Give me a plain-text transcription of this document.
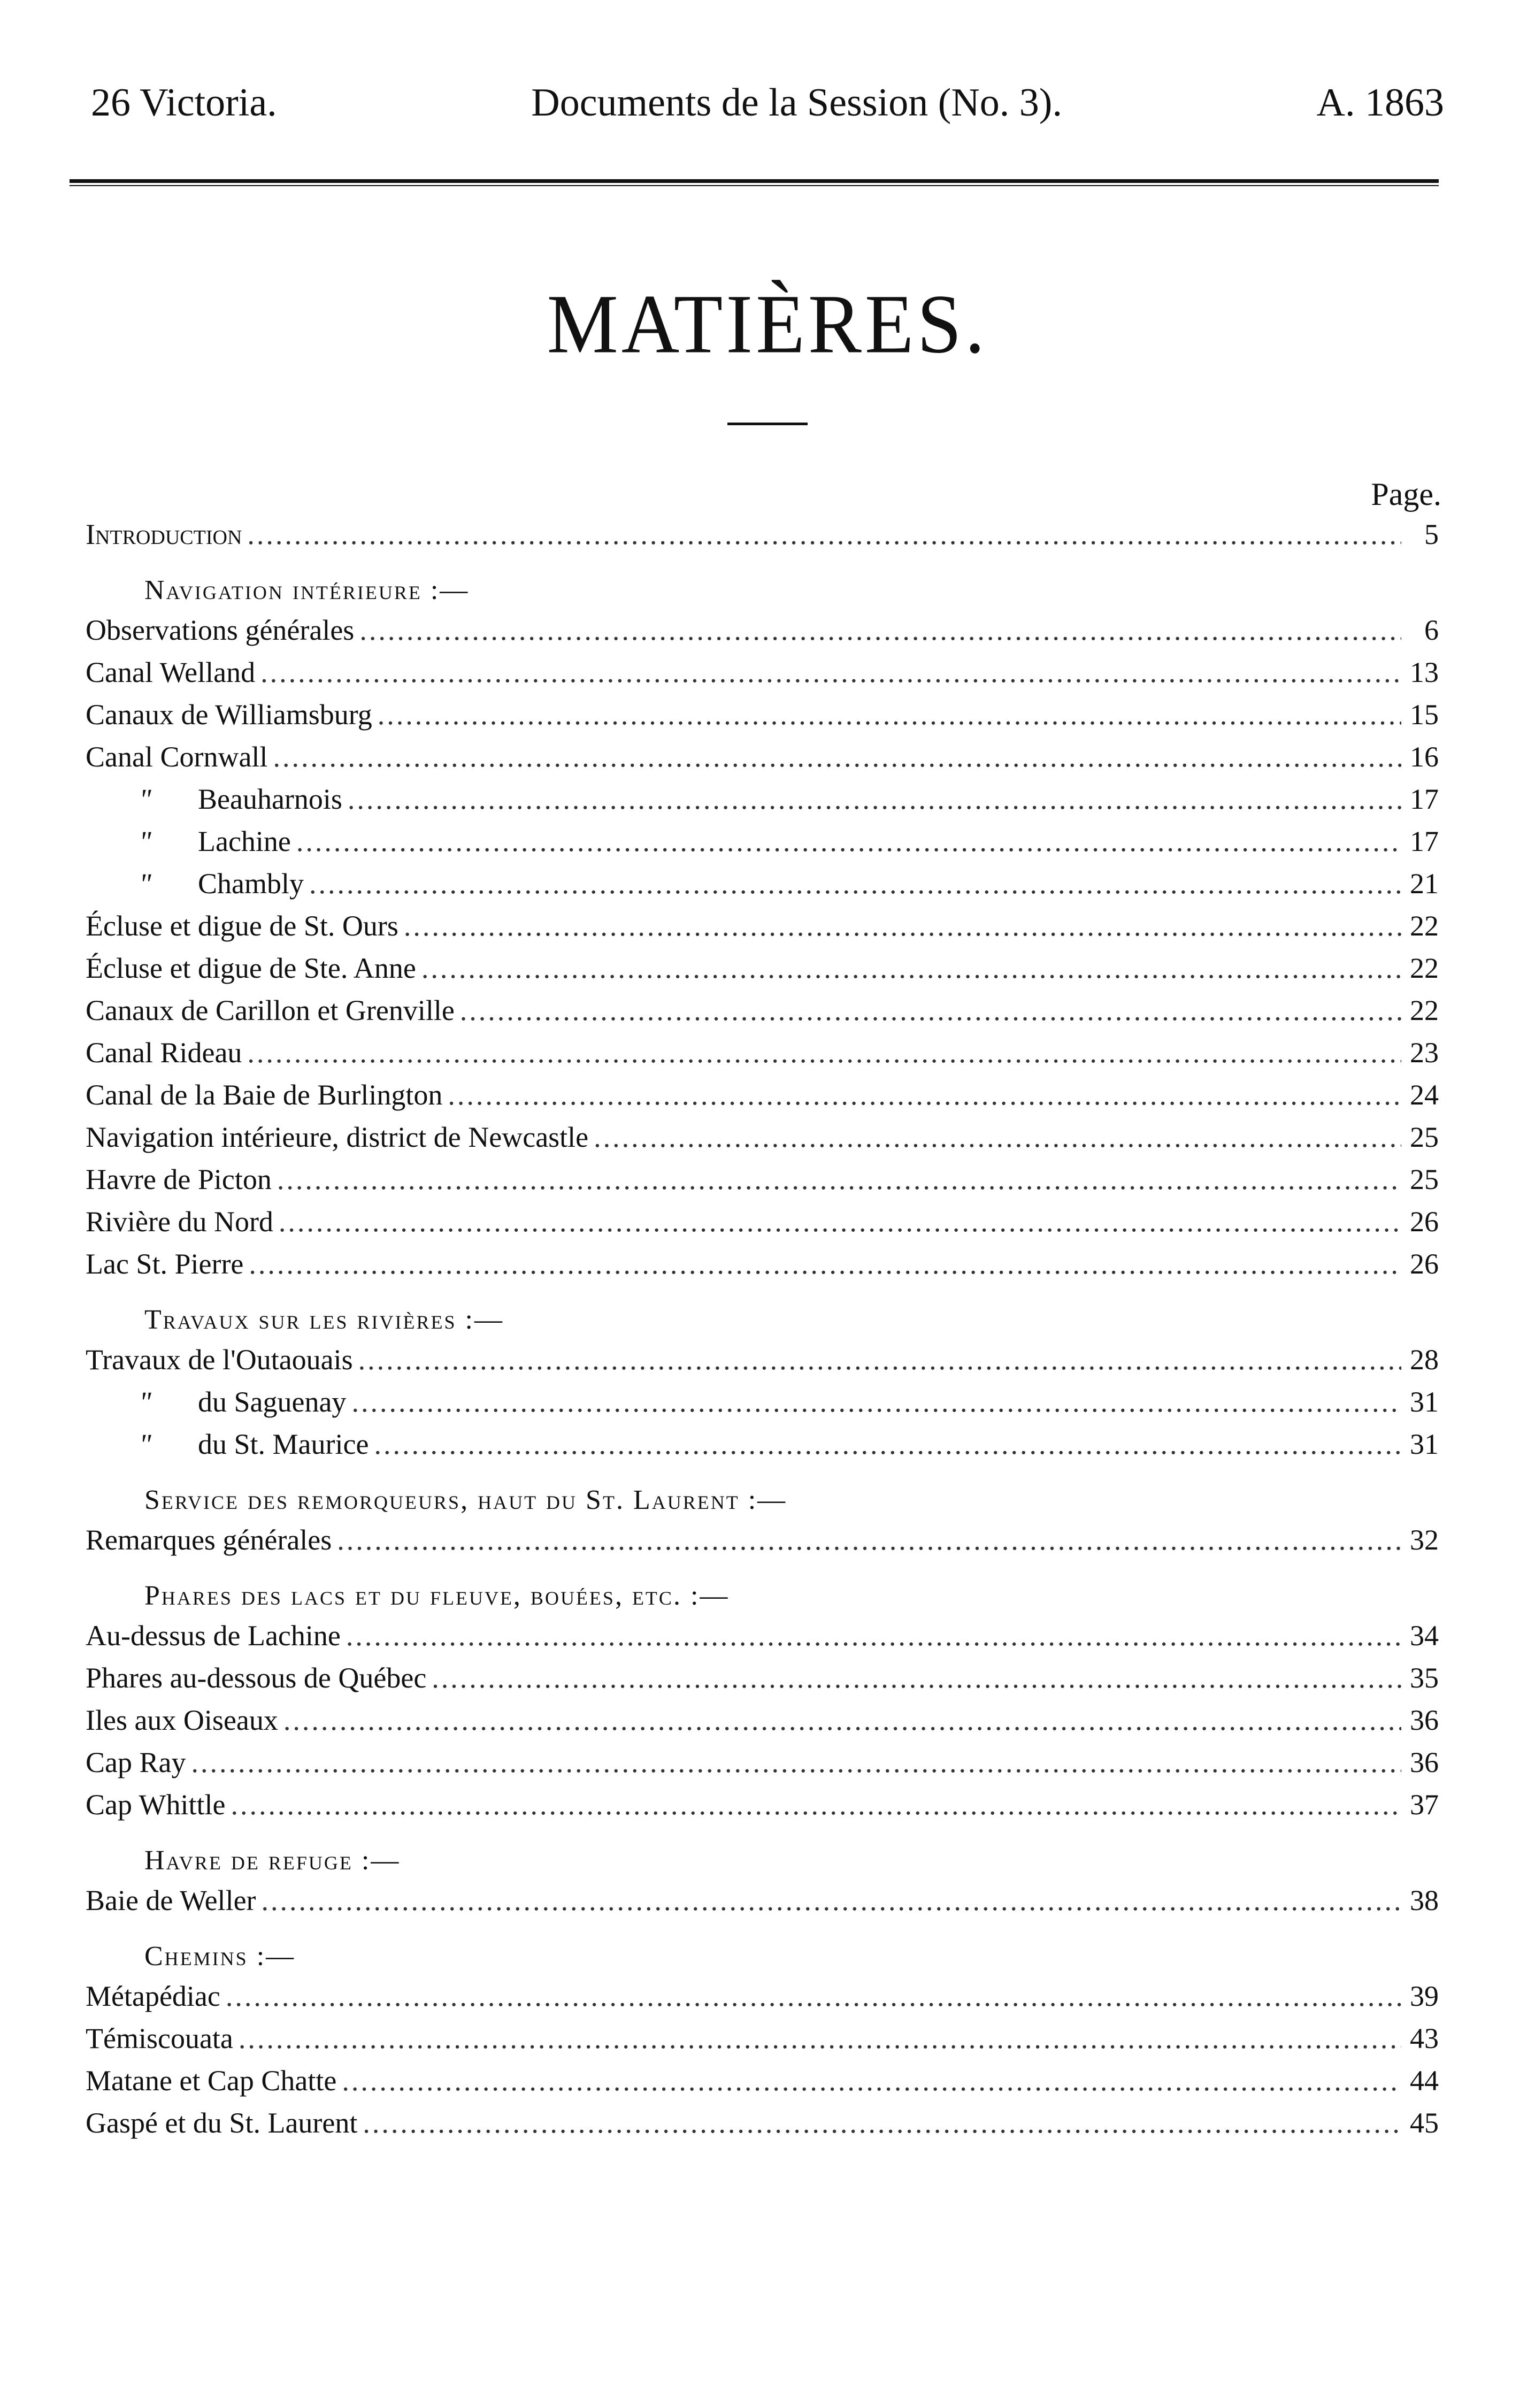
26 Victoria.	Documents de la Session (No. 3).	A. 1863
MATIÈRES.
Page.
Introduction .....	5
Navigation intérieure :—
Observations générales .....	6
Canal Welland .....	13
Canaux de Williamsburg .....	15
Canal Cornwall .....	16
" Beauharnois .....	17
" Lachine .....	17
" Chambly .....	21
Écluse et digue de St. Ours .....	22
Écluse et digue de Ste. Anne .....	22
Canaux de Carillon et Grenville .....	22
Canal Rideau .....	23
Canal de la Baie de Burlington .....	24
Navigation intérieure, district de Newcastle .....	25
Havre de Picton .....	25
Rivière du Nord .....	26
Lac St. Pierre .....	26
Travaux sur les rivières :—
Travaux de l'Outaouais .....	28
" du Saguenay .....	31
" du St. Maurice .....	31
Service des remorqueurs, haut du St. Laurent :—
Remarques générales .....	32
Phares des lacs et du fleuve, bouées, etc. :—
Au-dessus de Lachine .....	34
Phares au-dessous de Québec .....	35
Iles aux Oiseaux .....	36
Cap Ray .....	36
Cap Whittle .....	37
Havre de refuge :—
Baie de Weller .....	38
Chemins :—
Métapédiac .....	39
Témiscouata .....	43
Matane et Cap Chatte .....	44
Gaspé et du St. Laurent .....	45
